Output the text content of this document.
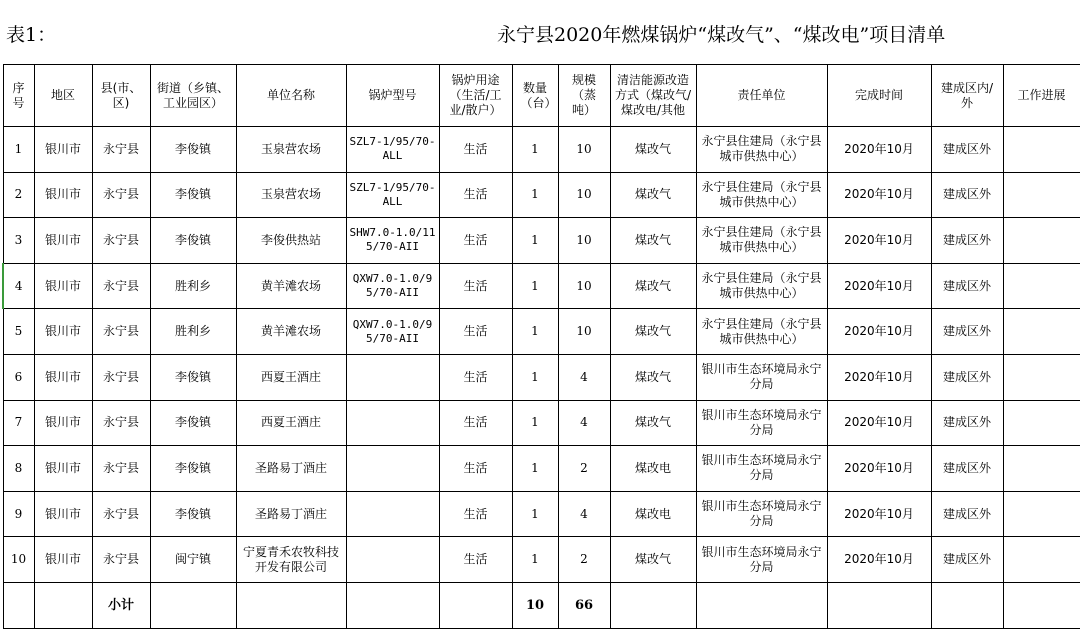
表1：	永宁县2020年燃煤锅炉“煤改气”、“煤改电”项目清单
序号	地区	县(市、区)	街道（乡镇、工业园区）	单位名称	锅炉型号	锅炉用途（生活/工业/散户）	数量（台）	规模（蒸吨）	清洁能源改造方式（煤改气/煤改电/其他	责任单位	完成时间	建成区内/外	工作进展
1	银川市	永宁县	李俊镇	玉泉营农场	SZL7-1/95/70-ALL	生活	1	10	煤改气	永宁县住建局（永宁县城市供热中心）	2020年10月	建成区外	
2	银川市	永宁县	李俊镇	玉泉营农场	SZL7-1/95/70-ALL	生活	1	10	煤改气	永宁县住建局（永宁县城市供热中心）	2020年10月	建成区外	
3	银川市	永宁县	李俊镇	李俊供热站	SHW7.0-1.0/115/70-AII	生活	1	10	煤改气	永宁县住建局（永宁县城市供热中心）	2020年10月	建成区外	
4	银川市	永宁县	胜利乡	黄羊滩农场	QXW7.0-1.0/95/70-AII	生活	1	10	煤改气	永宁县住建局（永宁县城市供热中心）	2020年10月	建成区外	
5	银川市	永宁县	胜利乡	黄羊滩农场	QXW7.0-1.0/95/70-AII	生活	1	10	煤改气	永宁县住建局（永宁县城市供热中心）	2020年10月	建成区外	
6	银川市	永宁县	李俊镇	西夏王酒庄		生活	1	4	煤改气	银川市生态环境局永宁分局	2020年10月	建成区外	
7	银川市	永宁县	李俊镇	西夏王酒庄		生活	1	4	煤改气	银川市生态环境局永宁分局	2020年10月	建成区外	
8	银川市	永宁县	李俊镇	圣路易丁酒庄		生活	1	2	煤改电	银川市生态环境局永宁分局	2020年10月	建成区外	
9	银川市	永宁县	李俊镇	圣路易丁酒庄		生活	1	4	煤改电	银川市生态环境局永宁分局	2020年10月	建成区外	
10	银川市	永宁县	闽宁镇	宁夏青禾农牧科技开发有限公司		生活	1	2	煤改气	银川市生态环境局永宁分局	2020年10月	建成区外	
		小计					10	66					
